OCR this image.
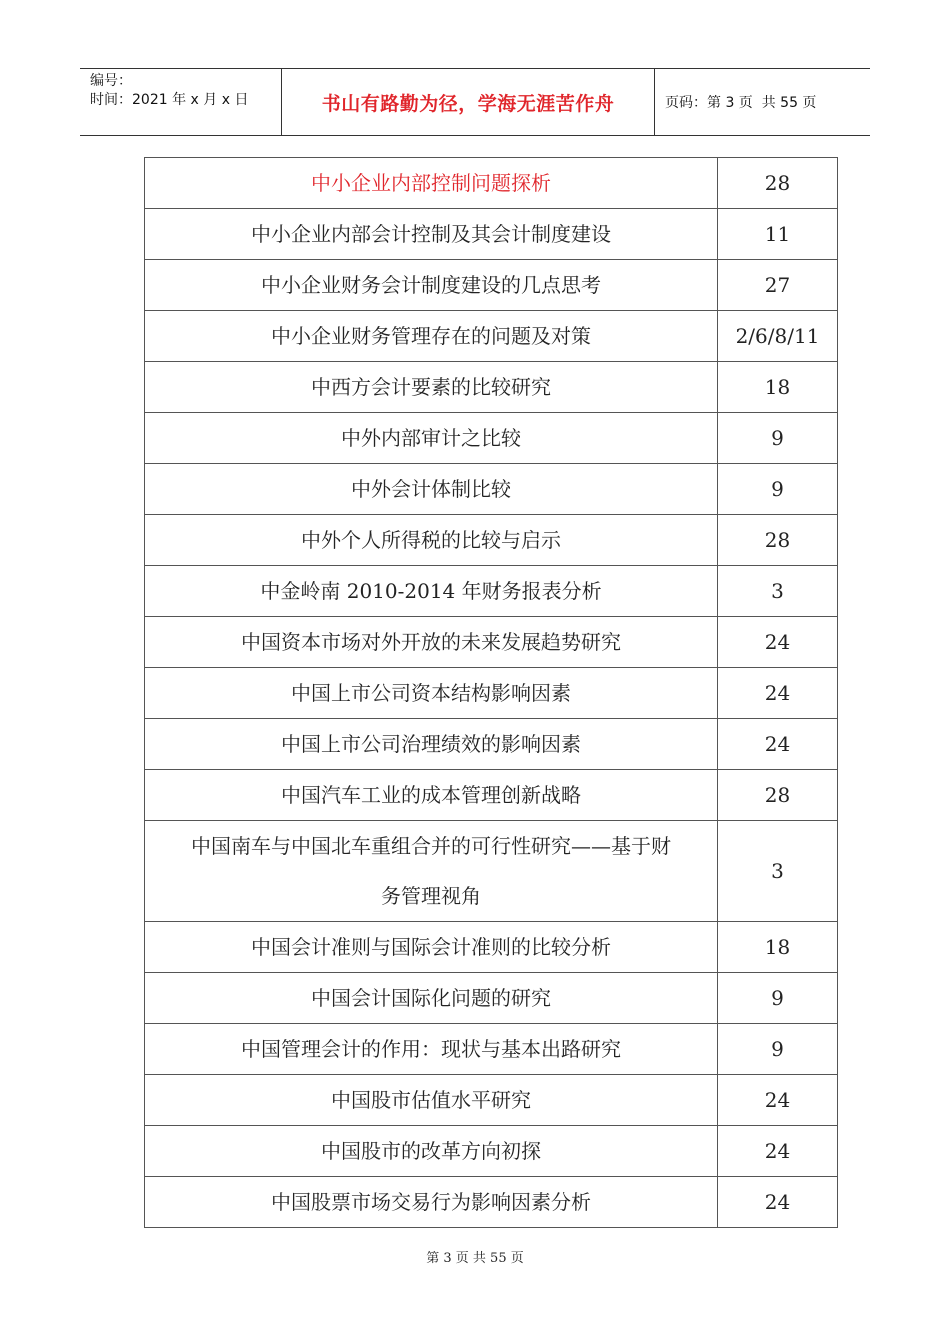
编号：
时间：2021 年 x 月 x 日	书山有路勤为径，学海无涯苦作舟	页码：第 3 页  共 55 页
中小企业内部控制问题探析	28
中小企业内部会计控制及其会计制度建设	11
中小企业财务会计制度建设的几点思考	27
中小企业财务管理存在的问题及对策	2/6/8/11
中西方会计要素的比较研究	18
中外内部审计之比较	9
中外会计体制比较	9
中外个人所得税的比较与启示	28
中金岭南 2010-2014 年财务报表分析	3
中国资本市场对外开放的未来发展趋势研究	24
中国上市公司资本结构影响因素	24
中国上市公司治理绩效的影响因素	24
中国汽车工业的成本管理创新战略	28

中国南车与中国北车重组合并的可行性研究——基于财
务管理视角	3
中国会计准则与国际会计准则的比较分析	18
中国会计国际化问题的研究	9
中国管理会计的作用：现状与基本出路研究	9
中国股市估值水平研究	24
中国股市的改革方向初探	24
中国股票市场交易行为影响因素分析	24
第 3 页 共 55 页
